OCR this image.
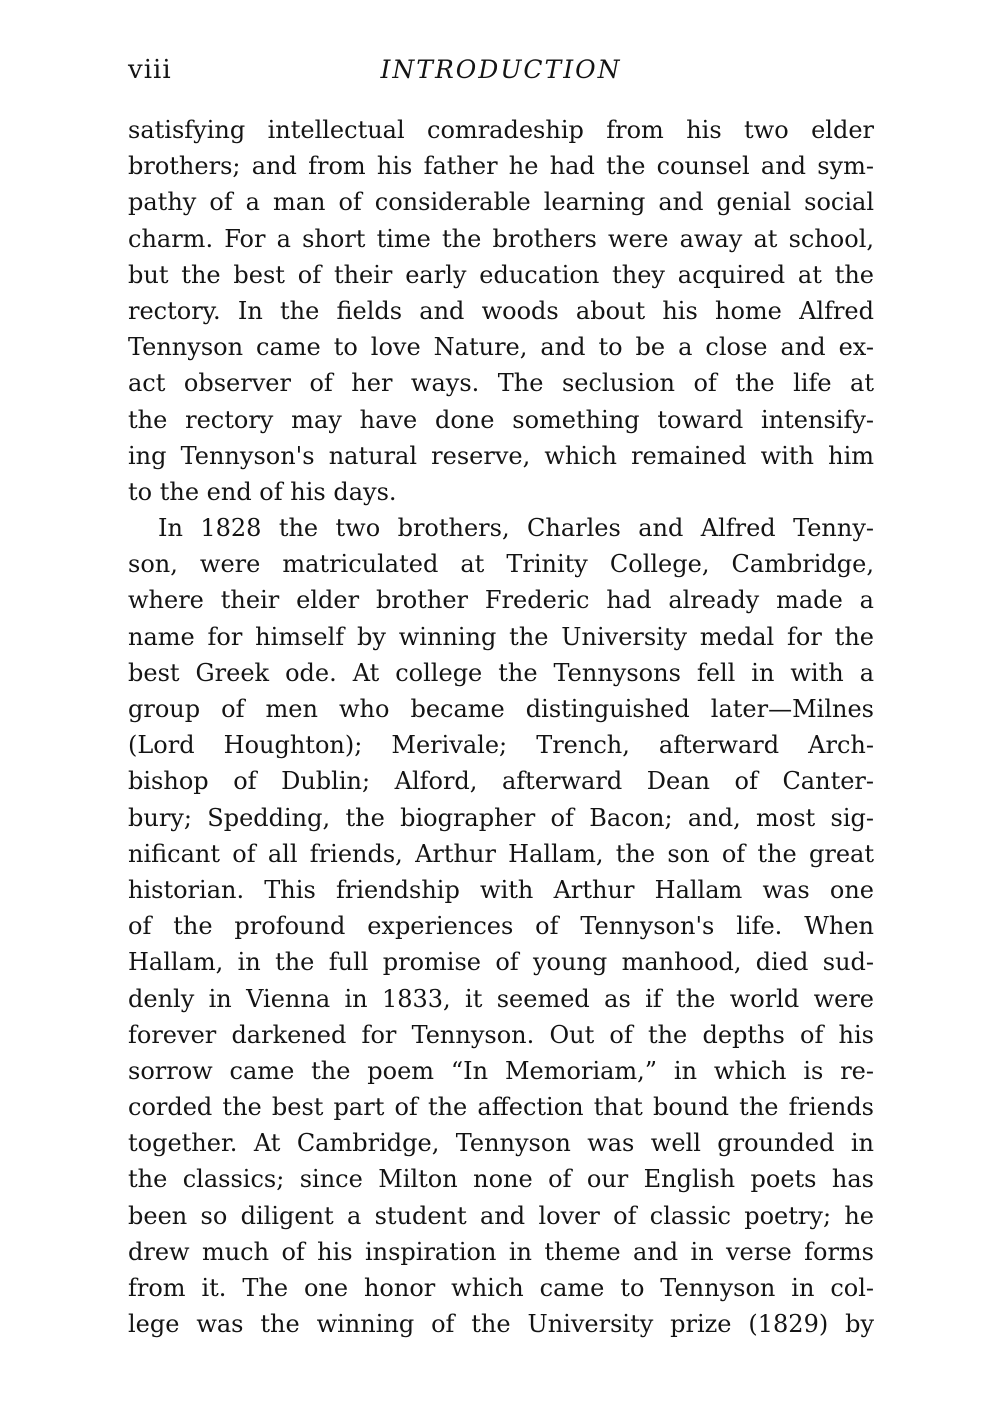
viii	INTRODUCTION
satisfying intellectual comradeship from his two elder
brothers; and from his father he had the counsel and sym-
pathy of a man of considerable learning and genial social
charm. For a short time the brothers were away at school,
but the best of their early education they acquired at the
rectory. In the fields and woods about his home Alfred
Tennyson came to love Nature, and to be a close and ex-
act observer of her ways. The seclusion of the life at
the rectory may have done something toward intensify-
ing Tennyson's natural reserve, which remained with him
to the end of his days.
In 1828 the two brothers, Charles and Alfred Tenny-
son, were matriculated at Trinity College, Cambridge,
where their elder brother Frederic had already made a
name for himself by winning the University medal for the
best Greek ode. At college the Tennysons fell in with a
group of men who became distinguished later—Milnes
(Lord Houghton); Merivale; Trench, afterward Arch-
bishop of Dublin; Alford, afterward Dean of Canter-
bury; Spedding, the biographer of Bacon; and, most sig-
nificant of all friends, Arthur Hallam, the son of the great
historian. This friendship with Arthur Hallam was one
of the profound experiences of Tennyson's life. When
Hallam, in the full promise of young manhood, died sud-
denly in Vienna in 1833, it seemed as if the world were
forever darkened for Tennyson. Out of the depths of his
sorrow came the poem “In Memoriam,” in which is re-
corded the best part of the affection that bound the friends
together. At Cambridge, Tennyson was well grounded in
the classics; since Milton none of our English poets has
been so diligent a student and lover of classic poetry; he
drew much of his inspiration in theme and in verse forms
from it. The one honor which came to Tennyson in col-
lege was the winning of the University prize (1829) by
